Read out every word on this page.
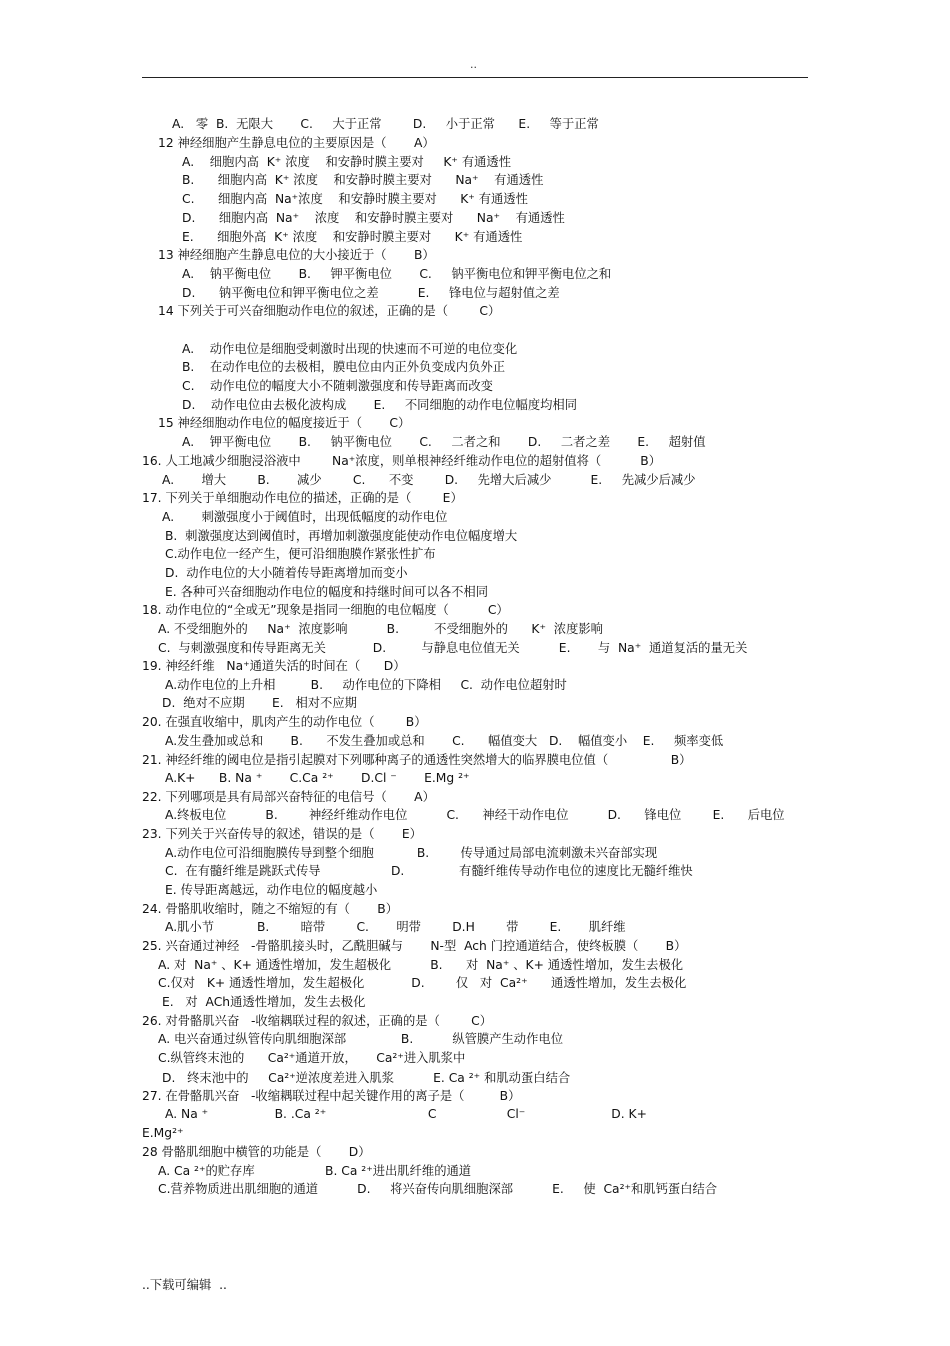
..
A.   零  B.  无限大       C.     大于正常        D.     小于正常      E.     等于正常
12 神经细胞产生静息电位的主要原因是（       A）
A.    细胞内高  K⁺ 浓度    和安静时膜主要对     K⁺ 有通透性
B.      细胞内高  K⁺ 浓度    和安静时膜主要对      Na⁺    有通透性
C.      细胞内高  Na⁺浓度    和安静时膜主要对      K⁺ 有通透性
D.      细胞内高  Na⁺    浓度    和安静时膜主要对      Na⁺    有通透性
E.      细胞外高  K⁺ 浓度    和安静时膜主要对      K⁺ 有通透性
13 神经细胞产生静息电位的大小接近于（       B）
A.    钠平衡电位       B.     钾平衡电位       C.     钠平衡电位和钾平衡电位之和
D.      钠平衡电位和钾平衡电位之差          E.     锋电位与超射值之差
14 下列关于可兴奋细胞动作电位的叙述，正确的是（        C）
A.    动作电位是细胞受刺激时出现的快速而不可逆的电位变化
B.    在动作电位的去极相，膜电位由内正外负变成内负外正
C.    动作电位的幅度大小不随刺激强度和传导距离而改变
D.    动作电位由去极化波构成       E.     不同细胞的动作电位幅度均相同
15 神经细胞动作电位的幅度接近于（       C）
A.    钾平衡电位       B.     钠平衡电位       C.     二者之和       D.     二者之差       E.     超射值
16. 人工地减少细胞浸浴液中        Na⁺浓度，则单根神经纤维动作电位的超射值将（          B）
A.       增大        B.       减少        C.      不变        D.     先增大后减少          E.     先减少后减少
17. 下列关于单细胞动作电位的描述，正确的是（        E）
A.       刺激强度小于阈值时，出现低幅度的动作电位
B.  刺激强度达到阈值时，再增加刺激强度能使动作电位幅度增大
C.动作电位一经产生，便可沿细胞膜作紧张性扩布
D.  动作电位的大小随着传导距离增加而变小
E. 各种可兴奋细胞动作电位的幅度和持继时间可以各不相同
18. 动作电位的“全或无”现象是指同一细胞的电位幅度（          C）
A. 不受细胞外的     Na⁺  浓度影响          B.         不受细胞外的      K⁺  浓度影响
C.  与刺激强度和传导距离无关            D.         与静息电位值无关          E.       与  Na⁺  通道复活的量无关
19. 神经纤维   Na⁺通道失活的时间在（      D）
A.动作电位的上升相         B.     动作电位的下降相     C.  动作电位超射时
D.  绝对不应期       E.   相对不应期
20. 在强直收缩中，肌肉产生的动作电位（        B）
A.发生叠加或总和       B.      不发生叠加或总和       C.      幅值变大   D.    幅值变小    E.     频率变低
21. 神经纤维的阈电位是指引起膜对下列哪种离子的通透性突然增大的临界膜电位值（                B）
A.K+      B. Na ⁺       C.Ca ²⁺       D.Cl ⁻       E.Mg ²⁺
22. 下列哪项是具有局部兴奋特征的电信号（       A）
A.终板电位          B.        神经纤维动作电位          C.      神经干动作电位          D.      锋电位        E.      后电位
23. 下列关于兴奋传导的叙述，错误的是（       E）
A.动作电位可沿细胞膜传导到整个细胞           B.        传导通过局部电流刺激未兴奋部实现
C.  在有髓纤维是跳跃式传导                  D.              有髓纤维传导动作电位的速度比无髓纤维快
E. 传导距离越远，动作电位的幅度越小
24. 骨骼肌收缩时，随之不缩短的有（       B）
A.肌小节           B.        暗带        C.       明带        D.H        带        E.       肌纤维
25. 兴奋通过神经   -骨骼肌接头时，乙酰胆碱与       N-型  Ach 门控通道结合，使终板膜（       B）
A. 对  Na⁺ 、K+ 通透性增加，发生超极化          B.      对  Na⁺ 、K+ 通透性增加，发生去极化
C.仅对   K+ 通透性增加，发生超极化            D.        仅   对  Ca²⁺      通透性增加，发生去极化
E.   对  ACh通透性增加，发生去极化
26. 对骨骼肌兴奋   -收缩耦联过程的叙述，正确的是（        C）
A. 电兴奋通过纵管传向肌细胞深部              B.          纵管膜产生动作电位
C.纵管终末池的      Ca²⁺通道开放，     Ca²⁺进入肌浆中
D.   终末池中的     Ca²⁺逆浓度差进入肌浆          E. Ca ²⁺ 和肌动蛋白结合
27. 在骨骼肌兴奋   -收缩耦联过程中起关键作用的离子是（         B）
A. Na ⁺                 B. .Ca ²⁺                          C                  Cl⁻                      D. K+
E.Mg²⁺
28 骨骼肌细胞中横管的功能是（       D）
A. Ca ²⁺的贮存库                  B. Ca ²⁺进出肌纤维的通道
C.营养物质进出肌细胞的通道          D.     将兴奋传向肌细胞深部          E.     使  Ca²⁺和肌钙蛋白结合
..下载可编辑  ..
